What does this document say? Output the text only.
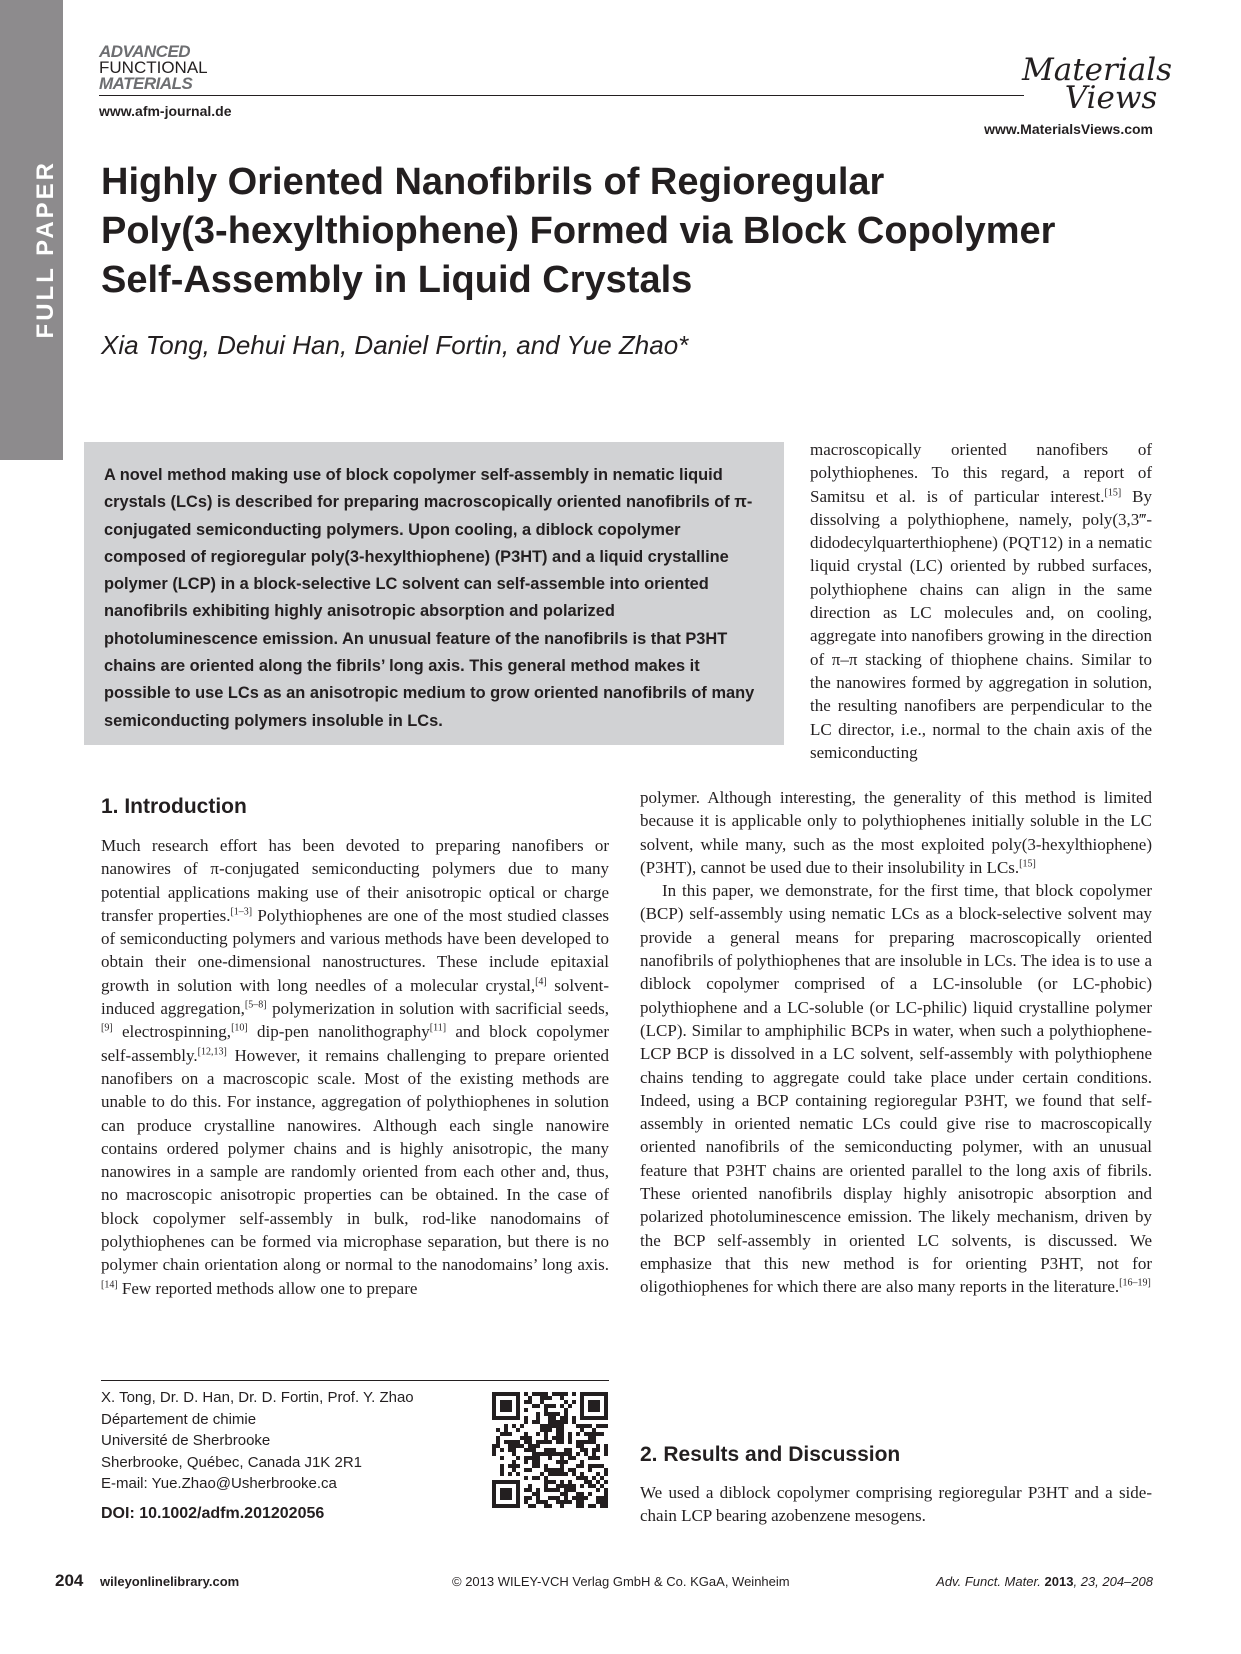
FULL PAPER
ADVANCED
FUNCTIONAL
MATERIALS
www.afm-journal.de
Materials
Views
www.MaterialsViews.com
Highly Oriented Nanofibrils of Regioregular
Poly(3-hexylthiophene) Formed via Block Copolymer
Self-Assembly in Liquid Crystals
Xia Tong, Dehui Han, Daniel Fortin, and Yue Zhao*
A novel method making use of block copolymer self-assembly in nematic liquid crystals (LCs) is described for preparing macroscopically oriented nanofibrils of π-conjugated semiconducting polymers. Upon cooling, a diblock copolymer composed of regioregular poly(3-hexylthiophene) (P3HT) and a liquid crystalline polymer (LCP) in a block-selective LC solvent can self-assemble into oriented nanofibrils exhibiting highly anisotropic absorption and polarized photoluminescence emission. An unusual feature of the nanofibrils is that P3HT chains are oriented along the fibrils’ long axis. This general method makes it possible to use LCs as an anisotropic medium to grow oriented nanofibrils of many semiconducting polymers insoluble in LCs.

macroscopically oriented nanofibers of polythiophenes. To this regard, a report of Samitsu et al. is of particular interest.[15] By dissolving a polythiophene, namely, poly(3,3‴-didodecylquarterthiophene) (PQT12) in a nematic liquid crystal (LC) oriented by rubbed surfaces, polythiophene chains can align in the same direction as LC molecules and, on cooling, aggregate into nanofibers growing in the direction of π–π stacking of thiophene chains. Similar to the nanowires formed by aggregation in solution, the resulting nanofibers are perpendicular to the LC director, i.e., normal to the chain axis of the semiconducting

polymer. Although interesting, the generality of this method is limited because it is applicable only to polythiophenes initially soluble in the LC solvent, while many, such as the most exploited poly(3-hexylthiophene) (P3HT), cannot be used due to their insolubility in LCs.[15]

In this paper, we demonstrate, for the first time, that block copolymer (BCP) self-assembly using nematic LCs as a block-selective solvent may provide a general means for preparing macroscopically oriented nanofibrils of polythiophenes that are insoluble in LCs. The idea is to use a diblock copolymer comprised of a LC-insoluble (or LC-phobic) polythiophene and a LC-soluble (or LC-philic) liquid crystalline polymer (LCP). Similar to amphiphilic BCPs in water, when such a polythiophene-LCP BCP is dissolved in a LC solvent, self-assembly with polythiophene chains tending to aggregate could take place under certain conditions. Indeed, using a BCP containing regioregular P3HT, we found that self-assembly in oriented nematic LCs could give rise to macroscopically oriented nanofibrils of the semiconducting polymer, with an unusual feature that P3HT chains are oriented parallel to the long axis of fibrils. These oriented nanofibrils display highly anisotropic absorption and polarized photoluminescence emission. The likely mechanism, driven by the BCP self-assembly in oriented LC solvents, is discussed. We emphasize that this new method is for orienting P3HT, not for oligothiophenes for which there are also many reports in the literature.[16–19]

1. Introduction

Much research effort has been devoted to preparing nanofibers or nanowires of π-conjugated semiconducting polymers due to many potential applications making use of their anisotropic optical or charge transfer properties.[1–3] Polythiophenes are one of the most studied classes of semiconducting polymers and various methods have been developed to obtain their one-dimensional nanostructures. These include epitaxial growth in solution with long needles of a molecular crystal,[4] solvent-induced aggregation,[5–8] polymerization in solution with sacrificial seeds,[9] electrospinning,[10] dip-pen nanolithography[11] and block copolymer self-assembly.[12,13] However, it remains challenging to prepare oriented nanofibers on a macroscopic scale. Most of the existing methods are unable to do this. For instance, aggregation of polythiophenes in solution can produce crystalline nanowires. Although each single nanowire contains ordered polymer chains and is highly anisotropic, the many nanowires in a sample are randomly oriented from each other and, thus, no macroscopic anisotropic properties can be obtained. In the case of block copolymer self-assembly in bulk, rod-like nanodomains of polythiophenes can be formed via microphase separation, but there is no polymer chain orientation along or normal to the nanodomains’ long axis.[14] Few reported methods allow one to prepare

2. Results and Discussion

We used a diblock copolymer comprising regioregular P3HT and a side-chain LCP bearing azobenzene mesogens.

X. Tong, Dr. D. Han, Dr. D. Fortin, Prof. Y. Zhao
Département de chimie
Université de Sherbrooke
Sherbrooke, Québec, Canada J1K 2R1
E-mail: Yue.Zhao@Usherbrooke.ca
DOI: 10.1002/adfm.201202056
204 wileyonlinelibrary.com	© 2013 WILEY-VCH Verlag GmbH & Co. KGaA, Weinheim	Adv. Funct. Mater. 2013, 23, 204–208
